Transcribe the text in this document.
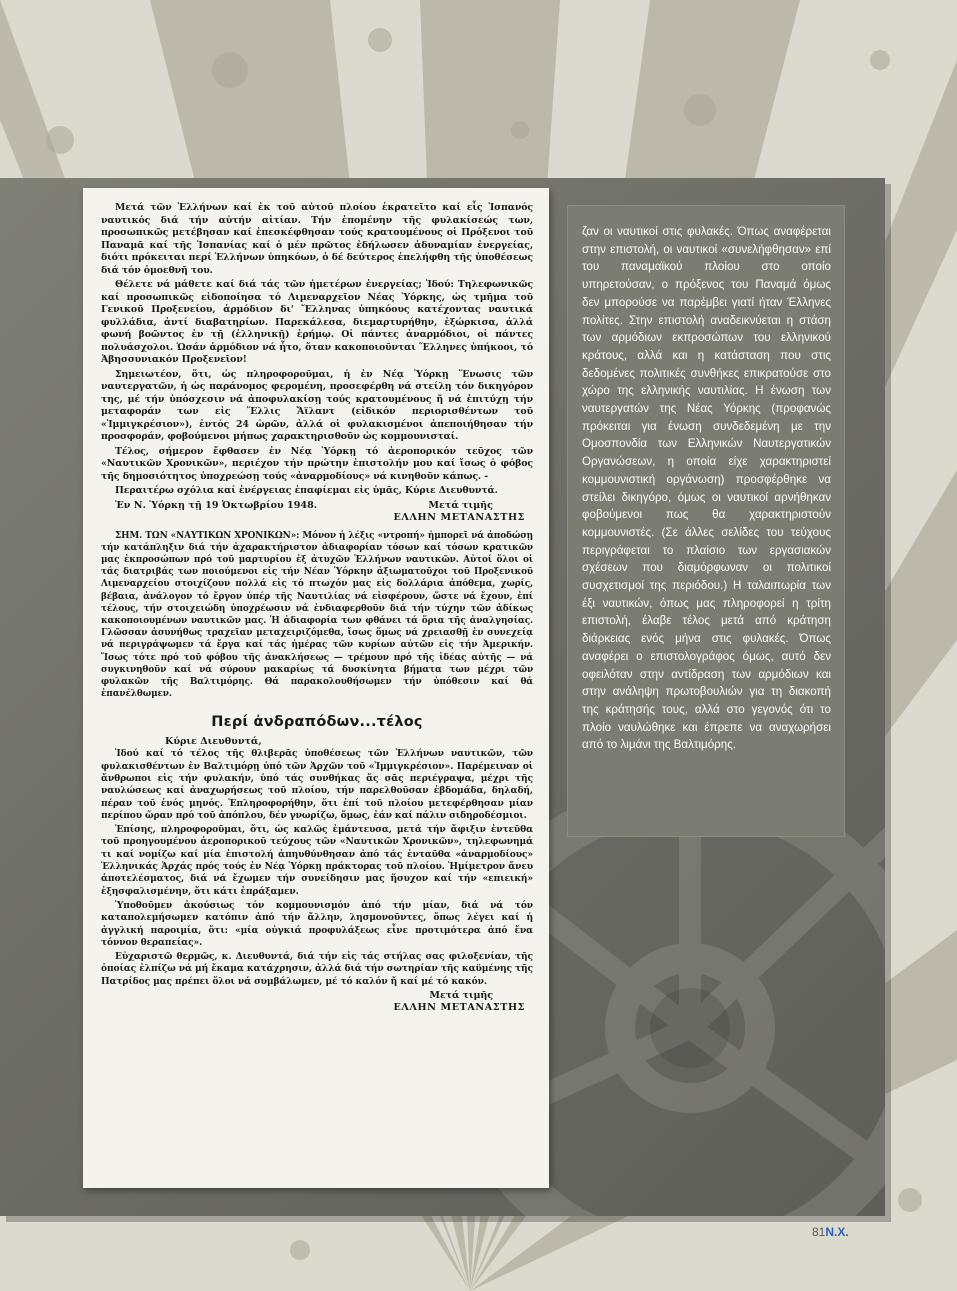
Μετά τῶν Ἑλλήνων καί ἐκ τοῦ αὐτοῦ πλοίου ἐκρατεῖτο καί εἷς Ἱσπανός ναυτικός διά τήν αὐτήν αἰτίαν. Τήν ἐπομένην τῆς φυλακίσεώς των, προσωπικῶς μετέβησαν καί ἐπεσκέφθησαν τούς κρατουμένους οἱ Πρόξενοι τοῦ Παναμᾶ καί τῆς Ἱσπανίας καί ὁ μέν πρῶτος ἐδήλωσεν ἀδυναμίαν ἐνεργείας, διότι πρόκειται περί Ἑλλήνων ὑπηκόων, ὁ δέ δεύτερος ἐπελήφθη τῆς ὑποθέσεως διά τόν ὁμοεθνῆ του.

Θέλετε νά μάθετε καί διά τάς τῶν ἡμετέρων ἐνεργείας; Ἰδού: Τηλεφωνικῶς καί προσωπικῶς εἰδοποίησα τό Λιμεναρχεῖον Νέας Ὑόρκης, ὡς τμῆμα τοῦ Γενικοῦ Προξενείου, ἁρμόδιον δι' Ἕλληνας ὑπηκόους κατέχοντας ναυτικά φυλλάδια, ἀντί διαβατηρίων. Παρεκάλεσα, διεμαρτυρήθην, ἐξώρκισα, ἀλλά φωνή βοῶντος ἐν τῇ (ἑλληνικῇ) ἐρήμῳ. Οἱ πάντες ἀναρμόδιοι, οἱ πάντες πολυάσχολοι. Ὡσάν ἁρμόδιον νά ἦτο, ὅταν κακοποιοῦνται Ἕλληνες ὑπήκοοι, τό Ἀβησσυνιακόν Προξενεῖον!

Σημειωτέον, ὅτι, ὡς πληροφοροῦμαι, ἡ ἐν Νέᾳ Ὑόρκῃ Ἕνωσις τῶν ναυτεργατῶν, ἡ ὡς παράνομος φερομένη, προσεφέρθη νά στείλῃ τόν δικηγόρον της, μέ τήν ὑπόσχεσιν νά ἀποφυλακίσῃ τούς κρατουμένους ἤ νά ἐπιτύχῃ τήν μεταφοράν των εἰς Ἕλλις Ἄϊλαντ (εἰδικόν περιορισθέντων τοῦ «Ἰμμιγκρέσιον»), ἐντός 24 ὡρῶν, ἀλλά οἱ φυλακισμένοι ἀπεποιήθησαν τήν προσφοράν, φοβούμενοι μήπως χαρακτηρισθοῦν ὡς κομμουνισταί.

Τέλος, σήμερον ἔφθασεν ἐν Νέᾳ Ὑόρκῃ τό ἀεροπορικόν τεῦχος τῶν «Ναυτικῶν Χρονικῶν», περιέχον τήν πρώτην ἐπιστολήν μου καί ἴσως ὁ φόβος τῆς δημοσιότητος ὑποχρεώσῃ τούς «ἀναρμοδίους» νά κινηθοῦν κάπως. -

Περαιτέρω σχόλια καί ἐνέργειας ἐπαφίεμαι εἰς ὑμᾶς, Κύριε Διευθυντά.

Ἐν Ν. Ὑόρκῃ τῇ 19 Ὀκτωβρίου 1948.	Μετά τιμῆς

ΕΛΛΗΝ ΜΕΤΑΝΑΣΤΗΣ

ΣΗΜ. ΤΩΝ «ΝΑΥΤΙΚΩΝ ΧΡΟΝΙΚΩΝ»: Μόνον ἡ λέξις «ντροπή» ἡμπορεῖ νά ἀποδώσῃ τήν κατάπληξιν διά τήν ἀχαρακτήριστον ἀδιαφορίαν τόσων καί τόσων κρατικῶν μας ἐκπροσώπων πρό τοῦ μαρτυρίου ἐξ ἀτυχῶν Ἑλλήνων ναυτικῶν. Αὐτοί ὅλοι οἱ τάς διατριβάς των ποιούμενοι εἰς τήν Νέαν Ὑόρκην ἀξιωματοῦχοι τοῦ Προξενικοῦ Λιμεναρχείου στοιχίζουν πολλά εἰς τό πτωχόν μας εἰς δολλάρια ἀπόθεμα, χωρίς, βέβαια, ἀνάλογον τό ἔργον ὑπέρ τῆς Ναυτιλίας νά εἰσφέρουν, ὥστε νά ἔχουν, ἐπί τέλους, τήν στοιχειώδη ὑποχρέωσιν νά ἐνδιαφερθοῦν διά τήν τύχην τῶν ἀδίκως κακοποιουμένων ναυτικῶν μας. Ἡ ἀδιαφορία των φθάνει τά ὅρια τῆς ἀναλγησίας. Γλῶσσαν ἀσυνήθως τραχεῖαν μεταχειριζόμεθα, ἴσως ὅμως νά χρειασθῇ ἐν συνεχείᾳ νά περιγράψωμεν τά ἔργα καί τάς ἡμέρας τῶν κυρίων αὐτῶν εἰς τήν Ἀμερικήν. Ἴσως τότε πρό τοῦ φόβου τῆς ἀνακλήσεως — τρέμουν πρό τῆς ἰδέας αὐτῆς — νά συγκινηθοῦν καί νά σύρουν μακαρίως τά δυσκίνητα βήματα των μέχρι τῶν φυλακῶν τῆς Βαλτιμόρης. Θά παρακολουθήσωμεν τήν ὑπόθεσιν καί θά ἐπανέλθωμεν.

Περί ἀνδραπόδων...τέλος
Κύριε Διευθυντά,

Ἰδού καί τό τέλος τῆς θλιβερᾶς ὑποθέσεως τῶν Ἑλλήνων ναυτικῶν, τῶν φυλακισθέντων ἐν Βαλτιμόρῃ ὑπό τῶν Ἀρχῶν τοῦ «Ἰμμιγκρέσιον». Παρέμειναν οἱ ἄνθρωποι εἰς τήν φυλακήν, ὑπό τάς συνθήκας ἅς σᾶς περιέγραψα, μέχρι τῆς ναυλώσεως καί ἀναχωρήσεως τοῦ πλοίου, τήν παρελθοῦσαν ἑβδομάδα, δηλαδή, πέραν τοῦ ἑνός μηνός. Ἐπληροφορήθην, ὅτι ἐπί τοῦ πλοίου μετεφέρθησαν μίαν περίπου ὥραν πρό τοῦ ἀπόπλου, δέν γνωρίζω, ὅμως, ἐάν καί πάλιν σιδηροδέσμιοι.

Ἐπίσης, πληροφοροῦμαι, ὅτι, ὡς καλῶς ἐμάντευσα, μετά τήν ἄφιξιν ἐντεῦθα τοῦ προηγουμένου ἀεροπορικοῦ τεύχους τῶν «Ναυτικῶν Χρονικῶν», τηλεφωνημά τι καί νομίζω καί μία ἐπιστολή ἀπηυθύνθησαν ἀπό τάς ἐνταῦθα «ἀναρμοδίους» Ἑλληνικάς Ἀρχάς πρός τούς ἐν Νέᾳ Ὑόρκῃ πράκτορας τοῦ πλοίου. Ἠμίμετρον ἄνευ ἀποτελέσματος, διά νά ἔχωμεν τήν συνείδησιν μας ἥσυχον καί τήν «επιεική» ἐξησφαλισμένην, ὅτι κάτι ἐπράξαμεν.

Ὑποθοῦμεν ἀκούσιως τόν κομμουνισμόν ἀπό τήν μίαν, διά νά τόν καταπολεμήσωμεν κατόπιν ἀπό τήν ἄλλην, λησμονοῦντες, ὅπως λέγει καί ἡ ἀγγλική παροιμία, ὅτι: «μία οὐγκιά προφυλάξεως εἶνε προτιμότερα ἀπό ἕνα τόννον θεραπείας».

Εὐχαριστῶ θερμῶς, κ. Διευθυντά, διά τήν εἰς τάς στήλας σας φιλοξενίαν, τῆς ὁποίας ἐλπίζω νά μή ἔκαμα κατάχρησιν, ἀλλά διά τήν σωτηρίαν τῆς καϋμένης τῆς Πατρίδος μας πρέπει ὅλοι νά συμβάλωμεν, μέ τό καλόν ἤ καί μέ τό κακόν.

Μετά τιμῆς

ΕΛΛΗΝ ΜΕΤΑΝΑΣΤΗΣ

ζαν οι ναυτικοί στις φυλακές. Όπως αναφέρεται στην επιστολή, οι ναυτικοί «συνελήφθησαν» επί του παναμαϊκού πλοίου στο οποίο υπηρετούσαν, ο πρόξενος του Παναμά όμως δεν μπορούσε να παρέμβει γιατί ήταν Έλληνες πολίτες. Στην επιστολή αναδεικνύεται η στάση των αρμόδιων εκπροσώπων του ελληνικού κράτους, αλλά και η κατάσταση που στις δεδομένες πολιτικές συνθήκες επικρατούσε στο χώρο της ελληνικής ναυτιλίας. Η ένωση των ναυτεργατών της Νέας Υόρκης (προφανώς πρόκειται για ένωση συνδεδεμένη με την Ομοσπονδία των Ελληνικών Ναυτεργατικών Οργανώσεων, η οποία είχε χαρακτηριστεί κομμουνιστική οργάνωση) προσφέρθηκε να στείλει δικηγόρο, όμως οι ναυτικοί αρνήθηκαν φοβούμενοι πως θα χαρακτηριστούν κομμουνιστές. (Σε άλλες σελίδες του τεύχους περιγράφεται το πλαίσιο των εργασιακών σχέσεων που διαμόρφωναν οι πολιτικοί συσχετισμοί της περιόδου.) Η ταλαιπωρία των έξι ναυτικών, όπως μας πληροφορεί η τρίτη επιστολή, έλαβε τέλος μετά από κράτηση διάρκειας ενός μήνα στις φυλακές. Όπως αναφέρει ο επιστολογράφος όμως, αυτό δεν οφειλόταν στην αντίδραση των αρμόδιων και στην ανάληψη πρωτοβουλιών για τη διακοπή της κράτησής τους, αλλά στο γεγονός ότι το πλοίο ναυλώθηκε και έπρεπε να αναχωρήσει από το λιμάνι της Βαλτιμόρης.

81N.X.
